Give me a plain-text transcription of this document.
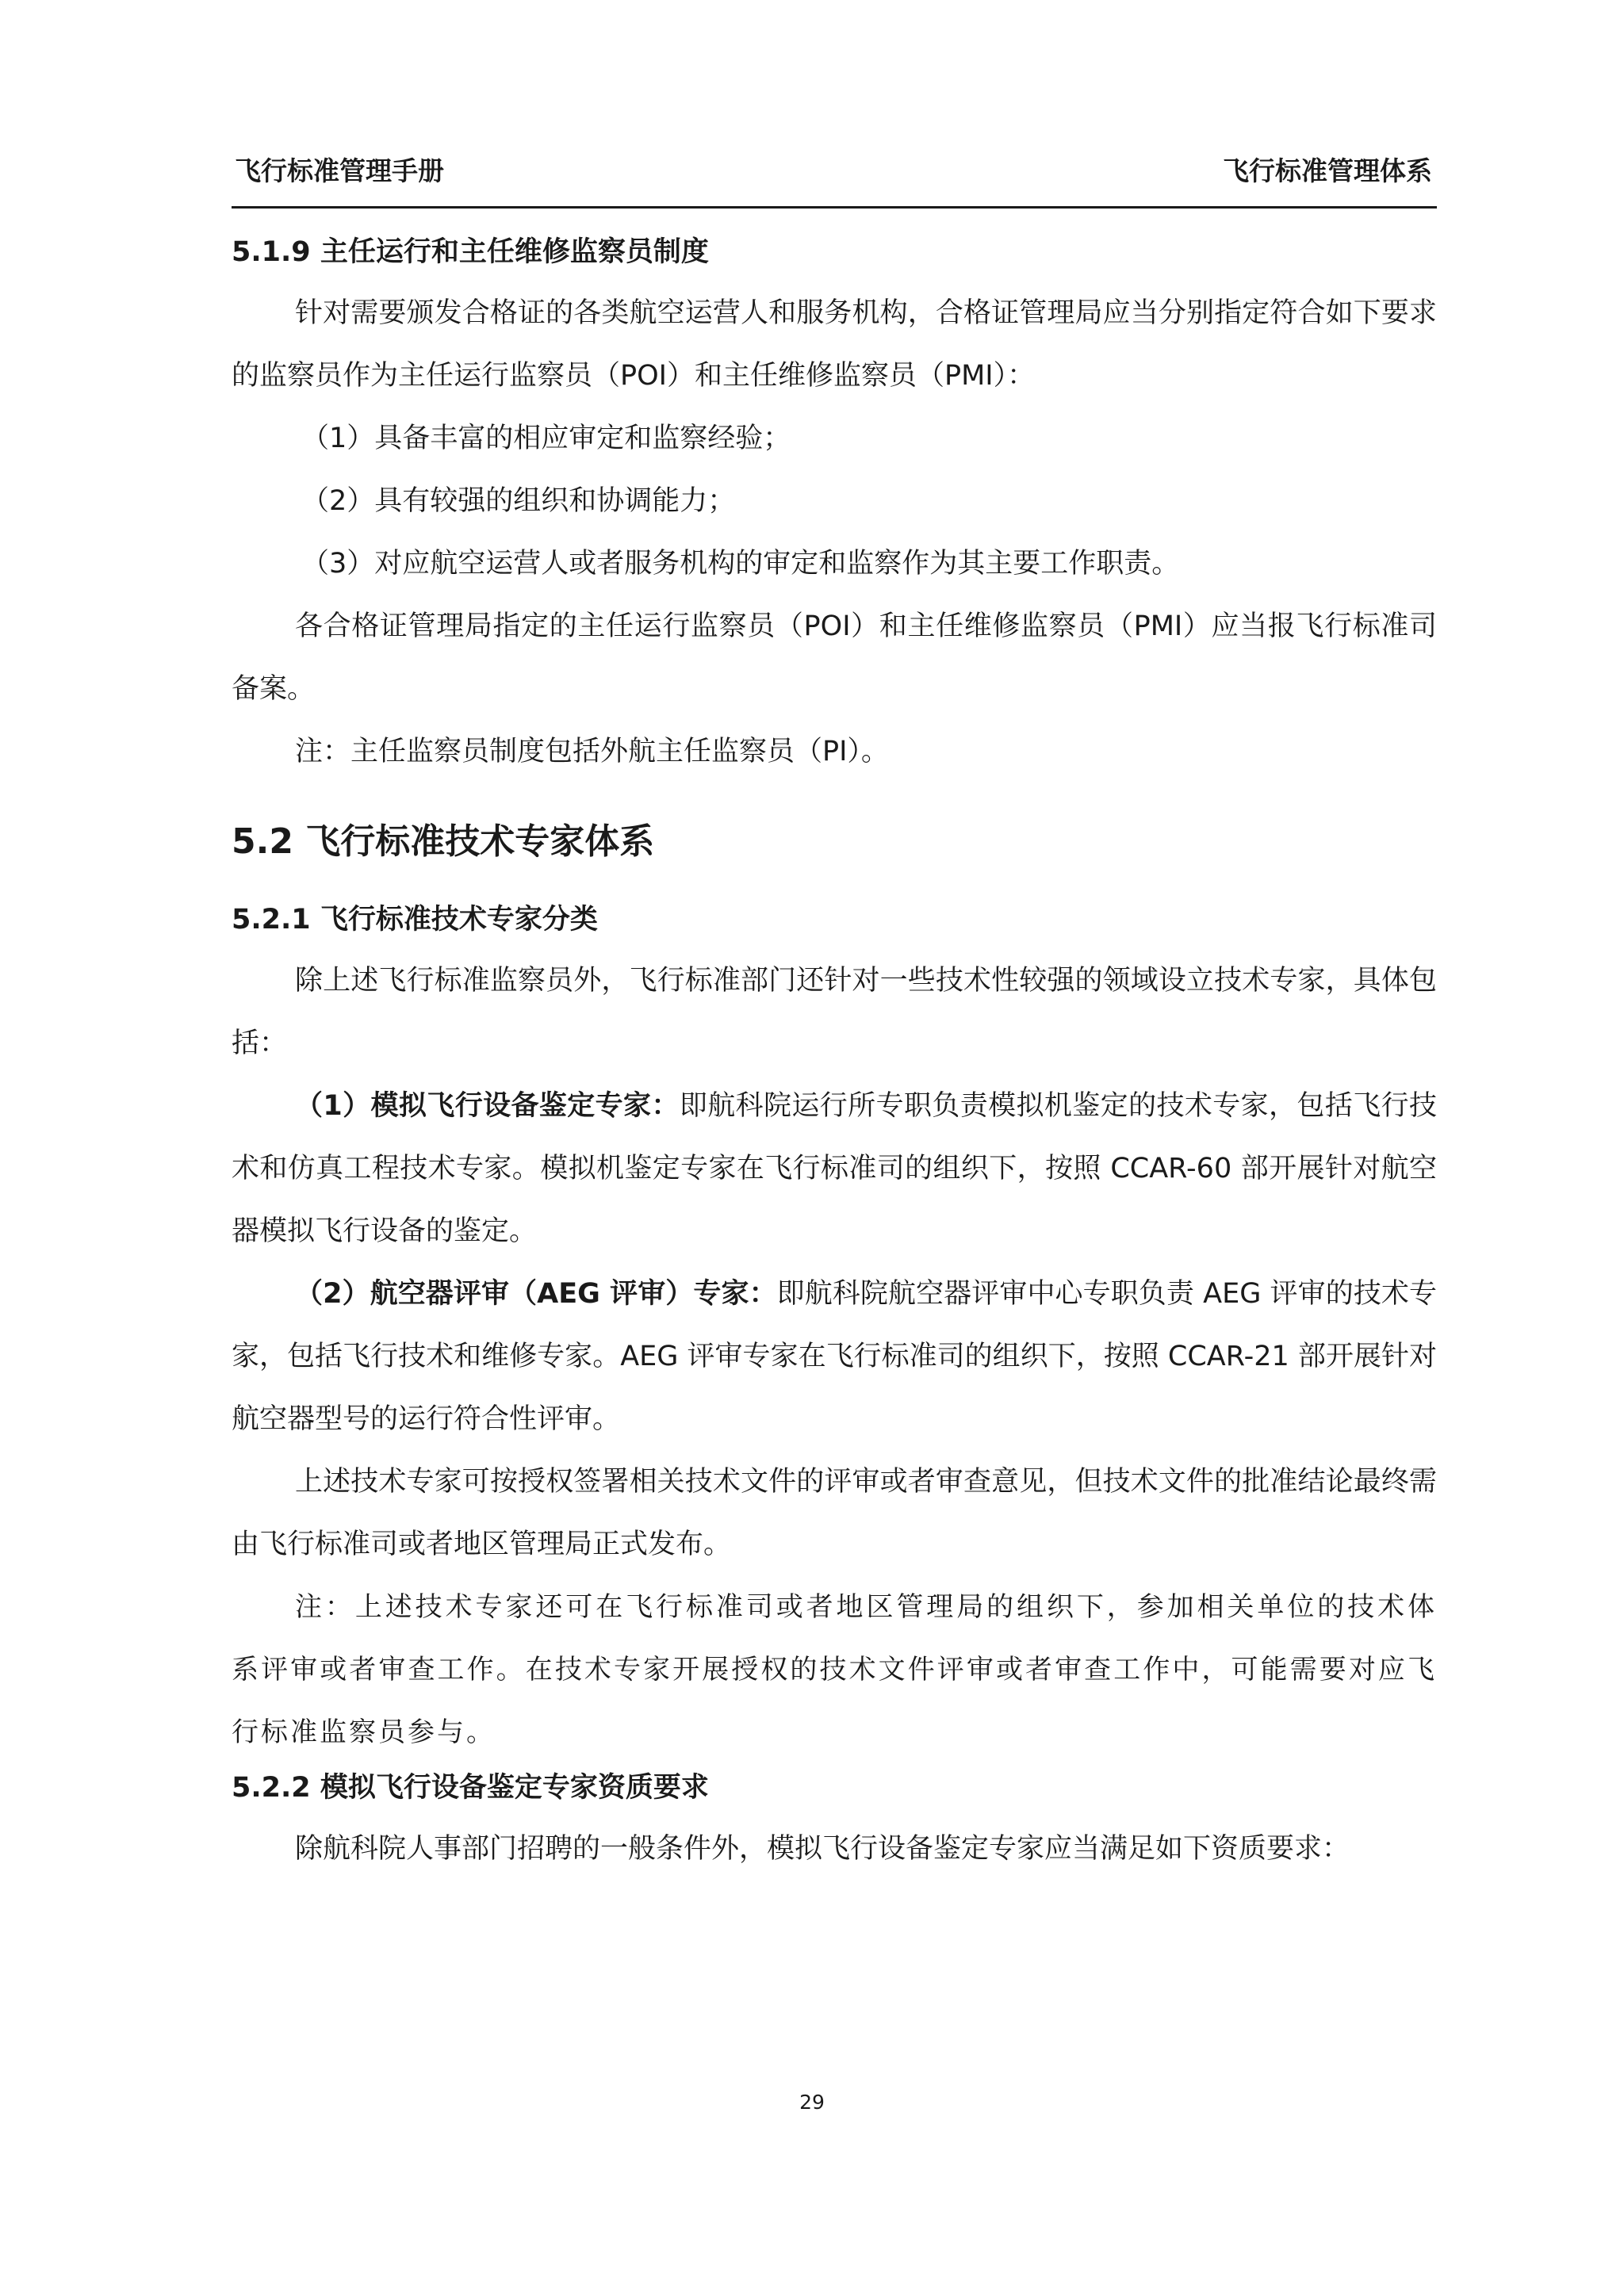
飞行标准管理手册	飞行标准管理体系
5.1.9 主任运行和主任维修监察员制度

针对需要颁发合格证的各类航空运营人和服务机构，合格证管理局应当分别指定符合如下要求的监察员作为主任运行监察员（POI）和主任维修监察员（PMI）：

（1）具备丰富的相应审定和监察经验；

（2）具有较强的组织和协调能力；

（3）对应航空运营人或者服务机构的审定和监察作为其主要工作职责。

各合格证管理局指定的主任运行监察员（POI）和主任维修监察员（PMI）应当报飞行标准司备案。

注：主任监察员制度包括外航主任监察员（PI）。

5.2 飞行标准技术专家体系
5.2.1 飞行标准技术专家分类

除上述飞行标准监察员外，飞行标准部门还针对一些技术性较强的领域设立技术专家，具体包括：

（1）模拟飞行设备鉴定专家：即航科院运行所专职负责模拟机鉴定的技术专家，包括飞行技术和仿真工程技术专家。模拟机鉴定专家在飞行标准司的组织下，按照 CCAR-60 部开展针对航空器模拟飞行设备的鉴定。

（2）航空器评审（AEG 评审）专家：即航科院航空器评审中心专职负责 AEG 评审的技术专家，包括飞行技术和维修专家。AEG 评审专家在飞行标准司的组织下，按照 CCAR-21 部开展针对航空器型号的运行符合性评审。

上述技术专家可按授权签署相关技术文件的评审或者审查意见，但技术文件的批准结论最终需由飞行标准司或者地区管理局正式发布。

注：上述技术专家还可在飞行标准司或者地区管理局的组织下，参加相关单位的技术体系评审或者审查工作。在技术专家开展授权的技术文件评审或者审查工作中，可能需要对应飞行标准监察员参与。

5.2.2 模拟飞行设备鉴定专家资质要求

除航科院人事部门招聘的一般条件外，模拟飞行设备鉴定专家应当满足如下资质要求：

29
